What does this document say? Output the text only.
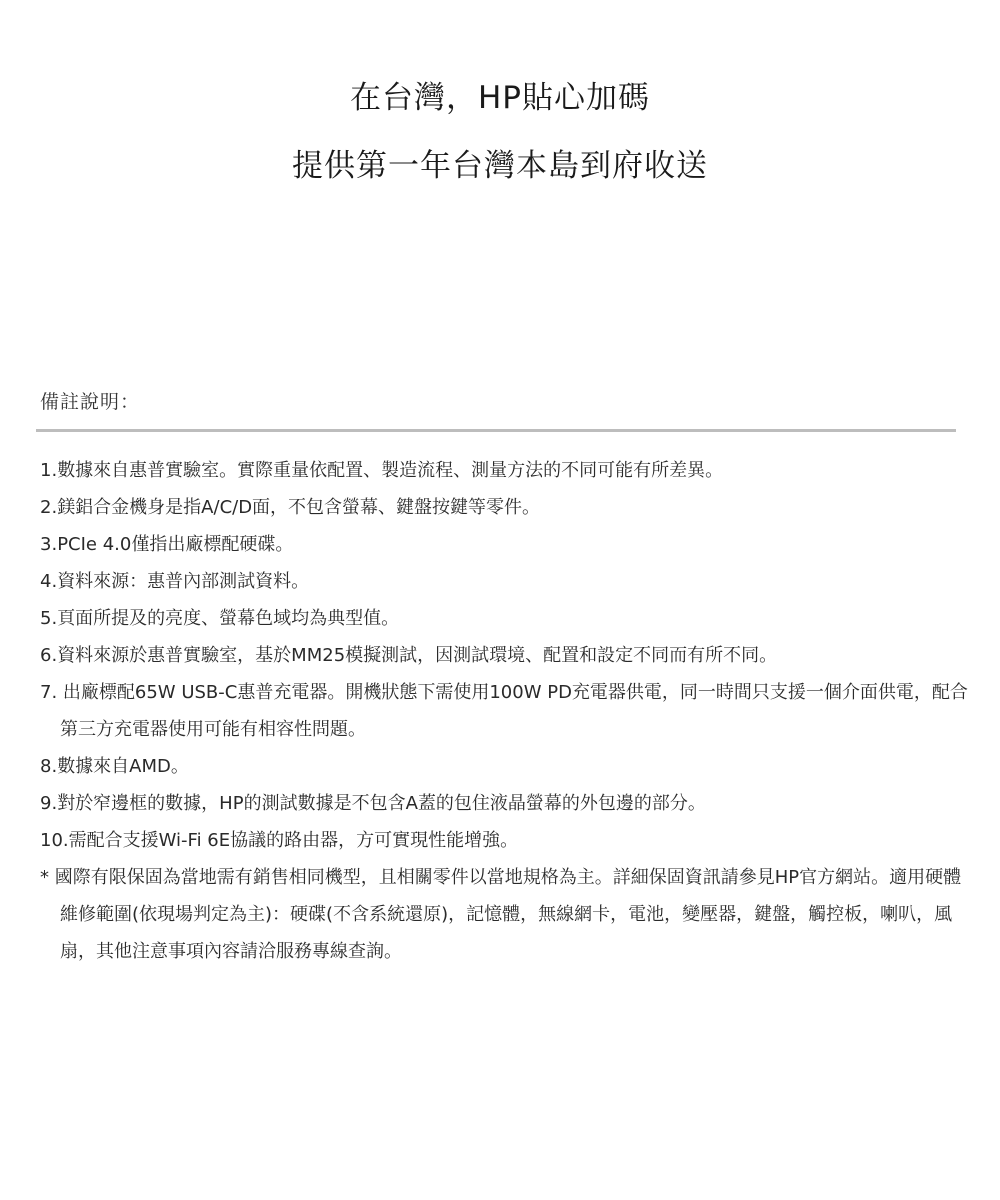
在台灣，HP貼心加碼
提供第一年台灣本島到府收送
備註說明：
1. 數據來自惠普實驗室。實際重量依配置、製造流程、測量方法的不同可能有所差異。
2. 鎂鋁合金機身是指A/C/D面，不包含螢幕、鍵盤按鍵等零件。
3. PCIe 4.0僅指出廠標配硬碟。
4. 資料來源：惠普內部測試資料。
5. 頁面所提及的亮度、螢幕色域均為典型值。
6. 資料來源於惠普實驗室，基於MM25模擬測試，因測試環境、配置和設定不同而有所不同。
7. 出廠標配65W USB-C惠普充電器。開機狀態下需使用100W PD充電器供電，同一時間只支援一個介面供電，配合第三方充電器使用可能有相容性問題。
8. 數據來自AMD。
9. 對於窄邊框的數據，HP的測試數據是不包含A蓋的包住液晶螢幕的外包邊的部分。
10. 需配合支援Wi-Fi 6E協議的路由器，方可實現性能增強。
* 國際有限保固為當地需有銷售相同機型，且相關零件以當地規格為主。詳細保固資訊請參見HP官方網站。適用硬體維修範圍(依現場判定為主)：硬碟(不含系統還原)，記憶體，無線網卡，電池，變壓器，鍵盤，觸控板，喇叭，風扇，其他注意事項內容請洽服務專線查詢。
